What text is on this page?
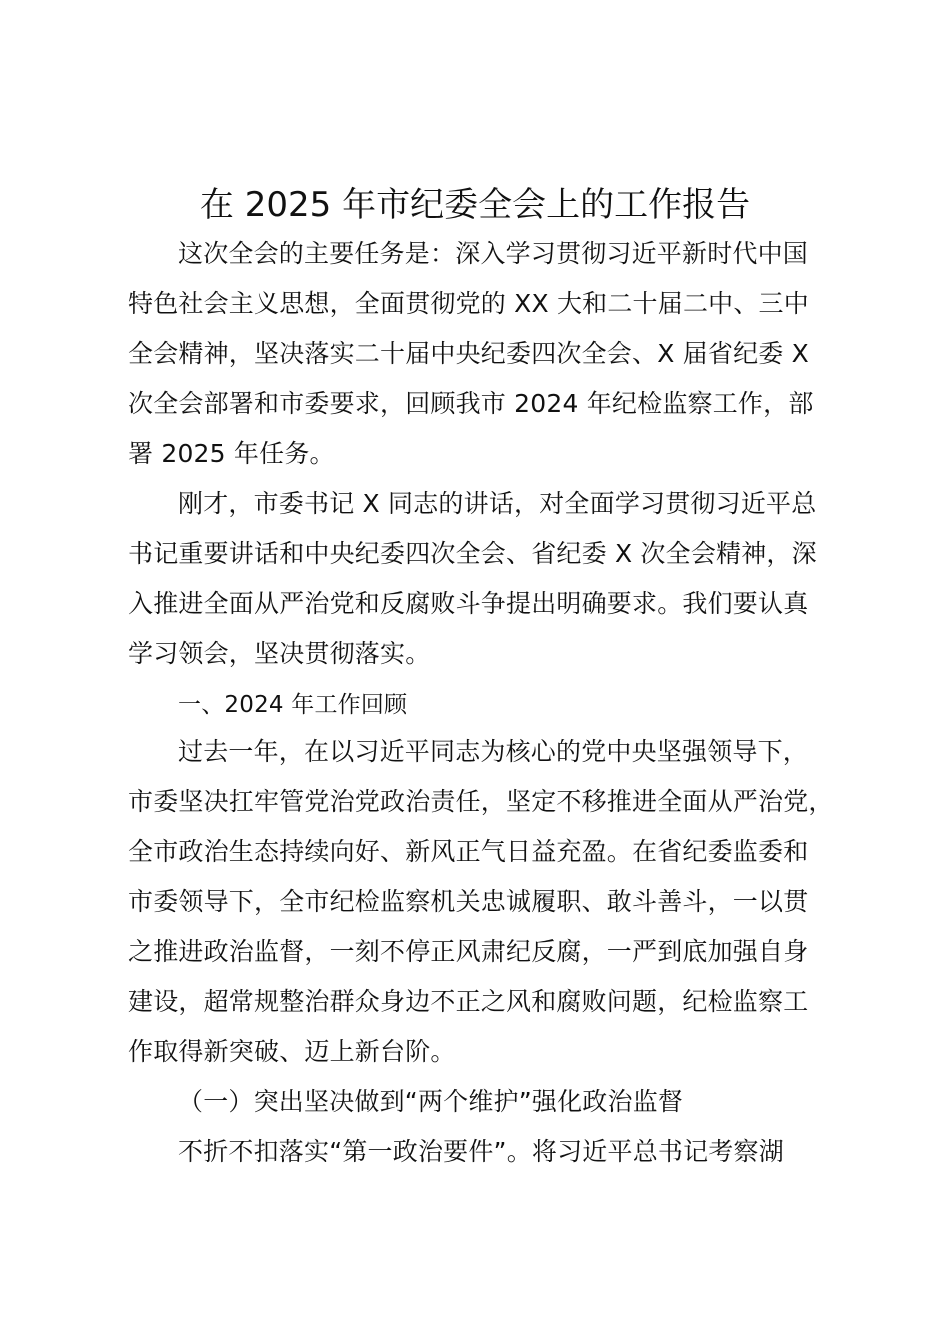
在 2025 年市纪委全会上的工作报告
这次全会的主要任务是：深入学习贯彻习近平新时代中国
特色社会主义思想，全面贯彻党的 XX 大和二十届二中、三中
全会精神，坚决落实二十届中央纪委四次全会、X 届省纪委 X
次全会部署和市委要求，回顾我市 2024 年纪检监察工作，部
署 2025 年任务。
刚才，市委书记 X 同志的讲话，对全面学习贯彻习近平总
书记重要讲话和中央纪委四次全会、省纪委 X 次全会精神，深
入推进全面从严治党和反腐败斗争提出明确要求。我们要认真
学习领会，坚决贯彻落实。
一、2024 年工作回顾
过去一年，在以习近平同志为核心的党中央坚强领导下，
市委坚决扛牢管党治党政治责任，坚定不移推进全面从严治党，
全市政治生态持续向好、新风正气日益充盈。在省纪委监委和
市委领导下，全市纪检监察机关忠诚履职、敢斗善斗，一以贯
之推进政治监督，一刻不停正风肃纪反腐，一严到底加强自身
建设，超常规整治群众身边不正之风和腐败问题，纪检监察工
作取得新突破、迈上新台阶。
（一）突出坚决做到“两个维护”强化政治监督
不折不扣落实“第一政治要件”。将习近平总书记考察湖
